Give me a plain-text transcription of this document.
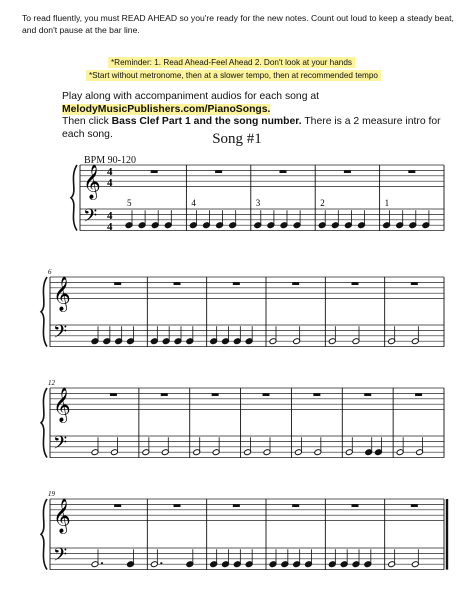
To read fluently, you must READ AHEAD so you're ready for the new notes. Count out loud to keep a steady beat, and don't pause at the bar line.
*Reminder: 1. Read Ahead-Feel Ahead 2. Don't look at your hands
*Start without metronome, then at a slower tempo, then at recommended tempo
Play along with accompaniment audios for each song at MelodyMusicPublishers.com/PianoSongs.
Then click Bass Clef Part 1 and the song number. There is a 2 measure intro for each song.	Song #1
BPM 90-120
𝄞
𝄢
4
4
4
4
5	4	3	2	1
𝄞
𝄢
6
𝄞
𝄢
12
𝄞
𝄢
19
